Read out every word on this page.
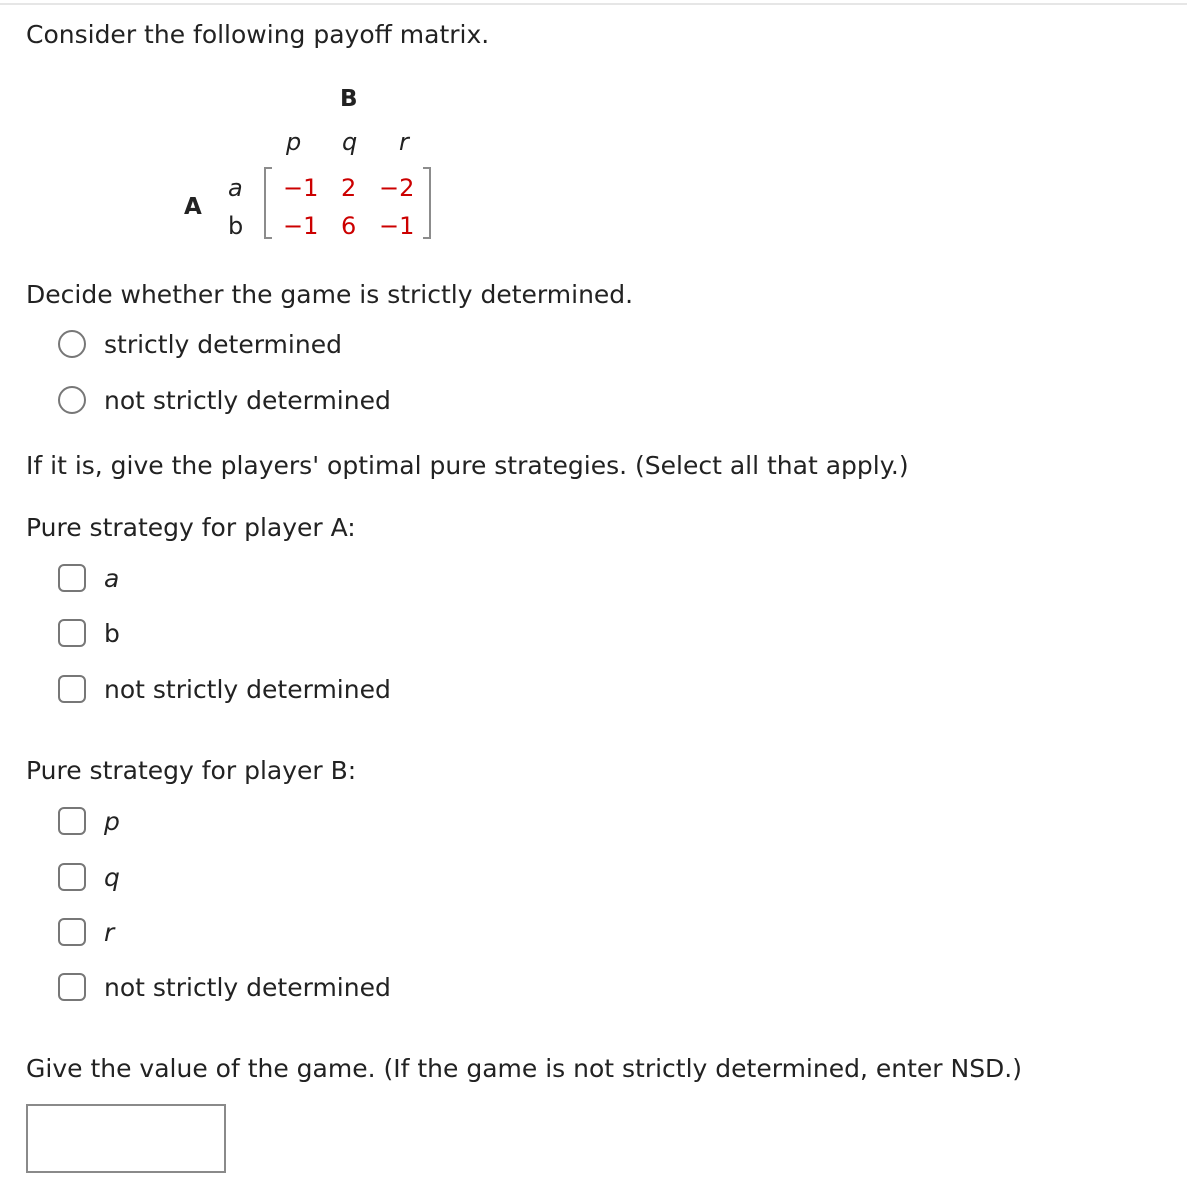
Consider the following payoff matrix.
B
p q r
A
a
b
−1 2 −2
−1 6 −1
Decide whether the game is strictly determined.
strictly determined
not strictly determined
If it is, give the players' optimal pure strategies. (Select all that apply.)
Pure strategy for player A:
a
b
not strictly determined
Pure strategy for player B:
p
q
r
not strictly determined
Give the value of the game. (If the game is not strictly determined, enter NSD.)
